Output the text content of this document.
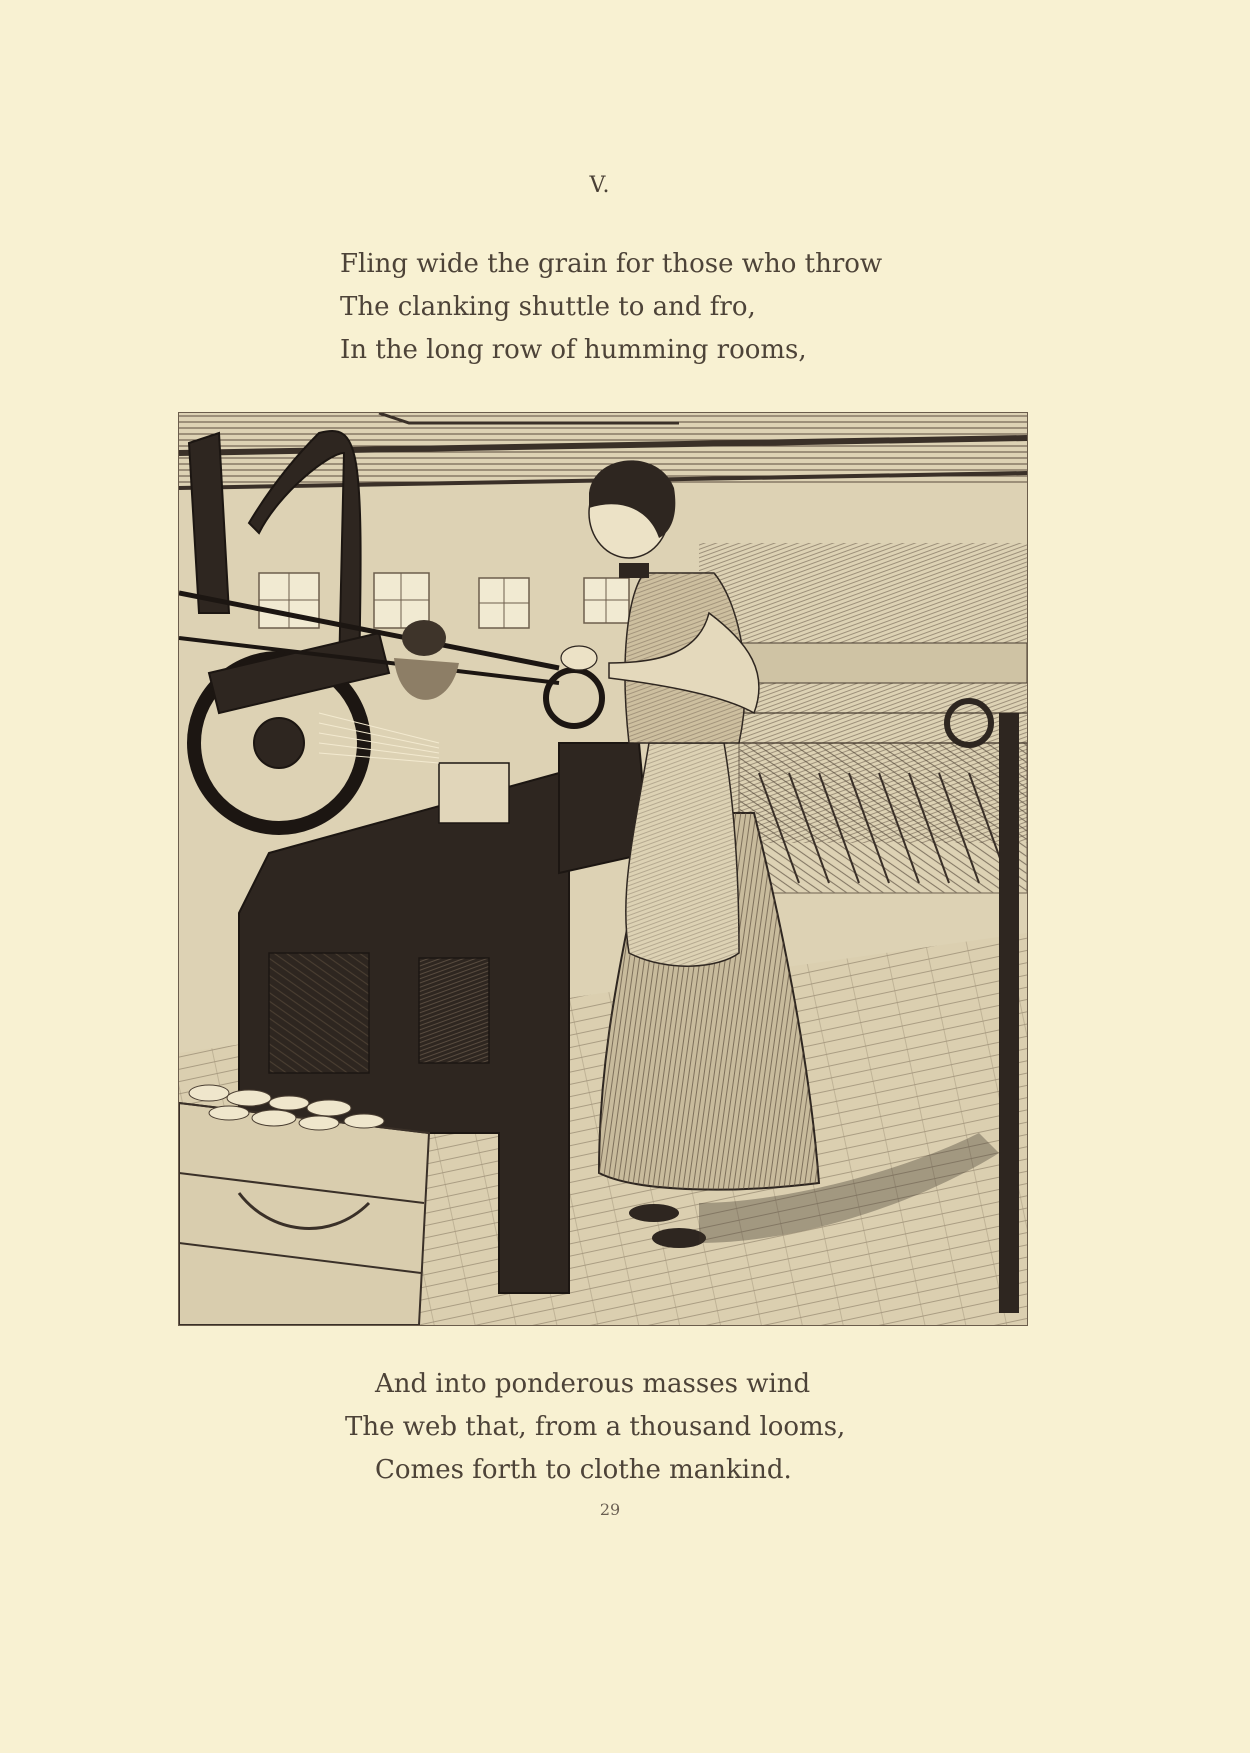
V.
Fling wide the grain for those who throw
The clanking shuttle to and fro,
In the long row of humming rooms,
And into ponderous masses wind
The web that, from a thousand looms,
Comes forth to clothe mankind.
29
